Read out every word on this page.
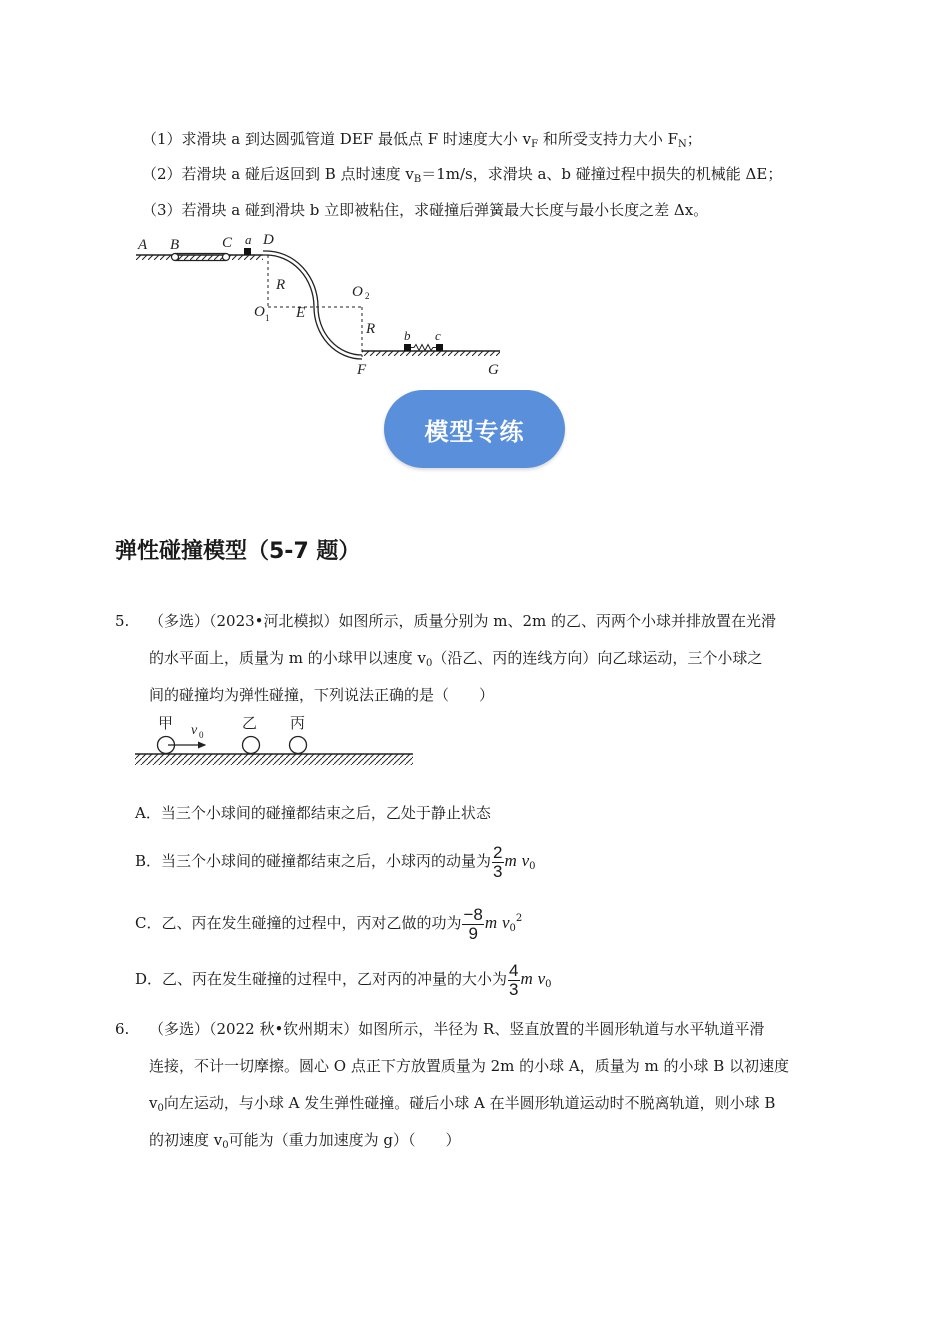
（1）求滑块 a 到达圆弧管道 DEF 最低点 F 时速度大小 $v_F$ 和所受支持力大小 $F_N$；
（2）若滑块 a 碰后返回到 B 点时速度 $v_B=1m/s$，求滑块 a、b 碰撞过程中损失的机械能 ΔE；
（3）若滑块 a 碰到滑块 b 立即被粘住，求碰撞后弹簧最大长度与最小长度之差 Δx。
A B	C a D
R
O 1 E
O 2
R b c
F	G
模型专练
弹性碰撞模型（5-7 题）
5. （多选）（2023•河北模拟）如图所示，质量分别为 m、2m 的乙、丙两个小球并排放置在光滑
的水平面上，质量为 m 的小球甲以速度 $v_0$（沿乙、丙的连线方向）向乙球运动，三个小球之
间的碰撞均为弹性碰撞，下列说法正确的是（　　）
甲	乙 丙
v 0
A．当三个小球间的碰撞都结束之后，乙处于静止状态
B．当三个小球间的碰撞都结束之后，小球丙的动量为 $\frac{2}{3}$ m $v_0$
C．乙、丙在发生碰撞的过程中，丙对乙做的功为 $\frac{-8}{9}$ m $v_0^2$
D．乙、丙在发生碰撞的过程中，乙对丙的冲量的大小为 $\frac{4}{3}$ m $v_0$
6. （多选）（2022 秋•钦州期末）如图所示，半径为 R、竖直放置的半圆形轨道与水平轨道平滑
连接，不计一切摩擦。圆心 O 点正下方放置质量为 2m 的小球 A，质量为 m 的小球 B 以初速度
$v_0$向左运动，与小球 A 发生弹性碰撞。碰后小球 A 在半圆形轨道运动时不脱离轨道，则小球 B
的初速度 $v_0$可能为（重力加速度为 g）（　　）
